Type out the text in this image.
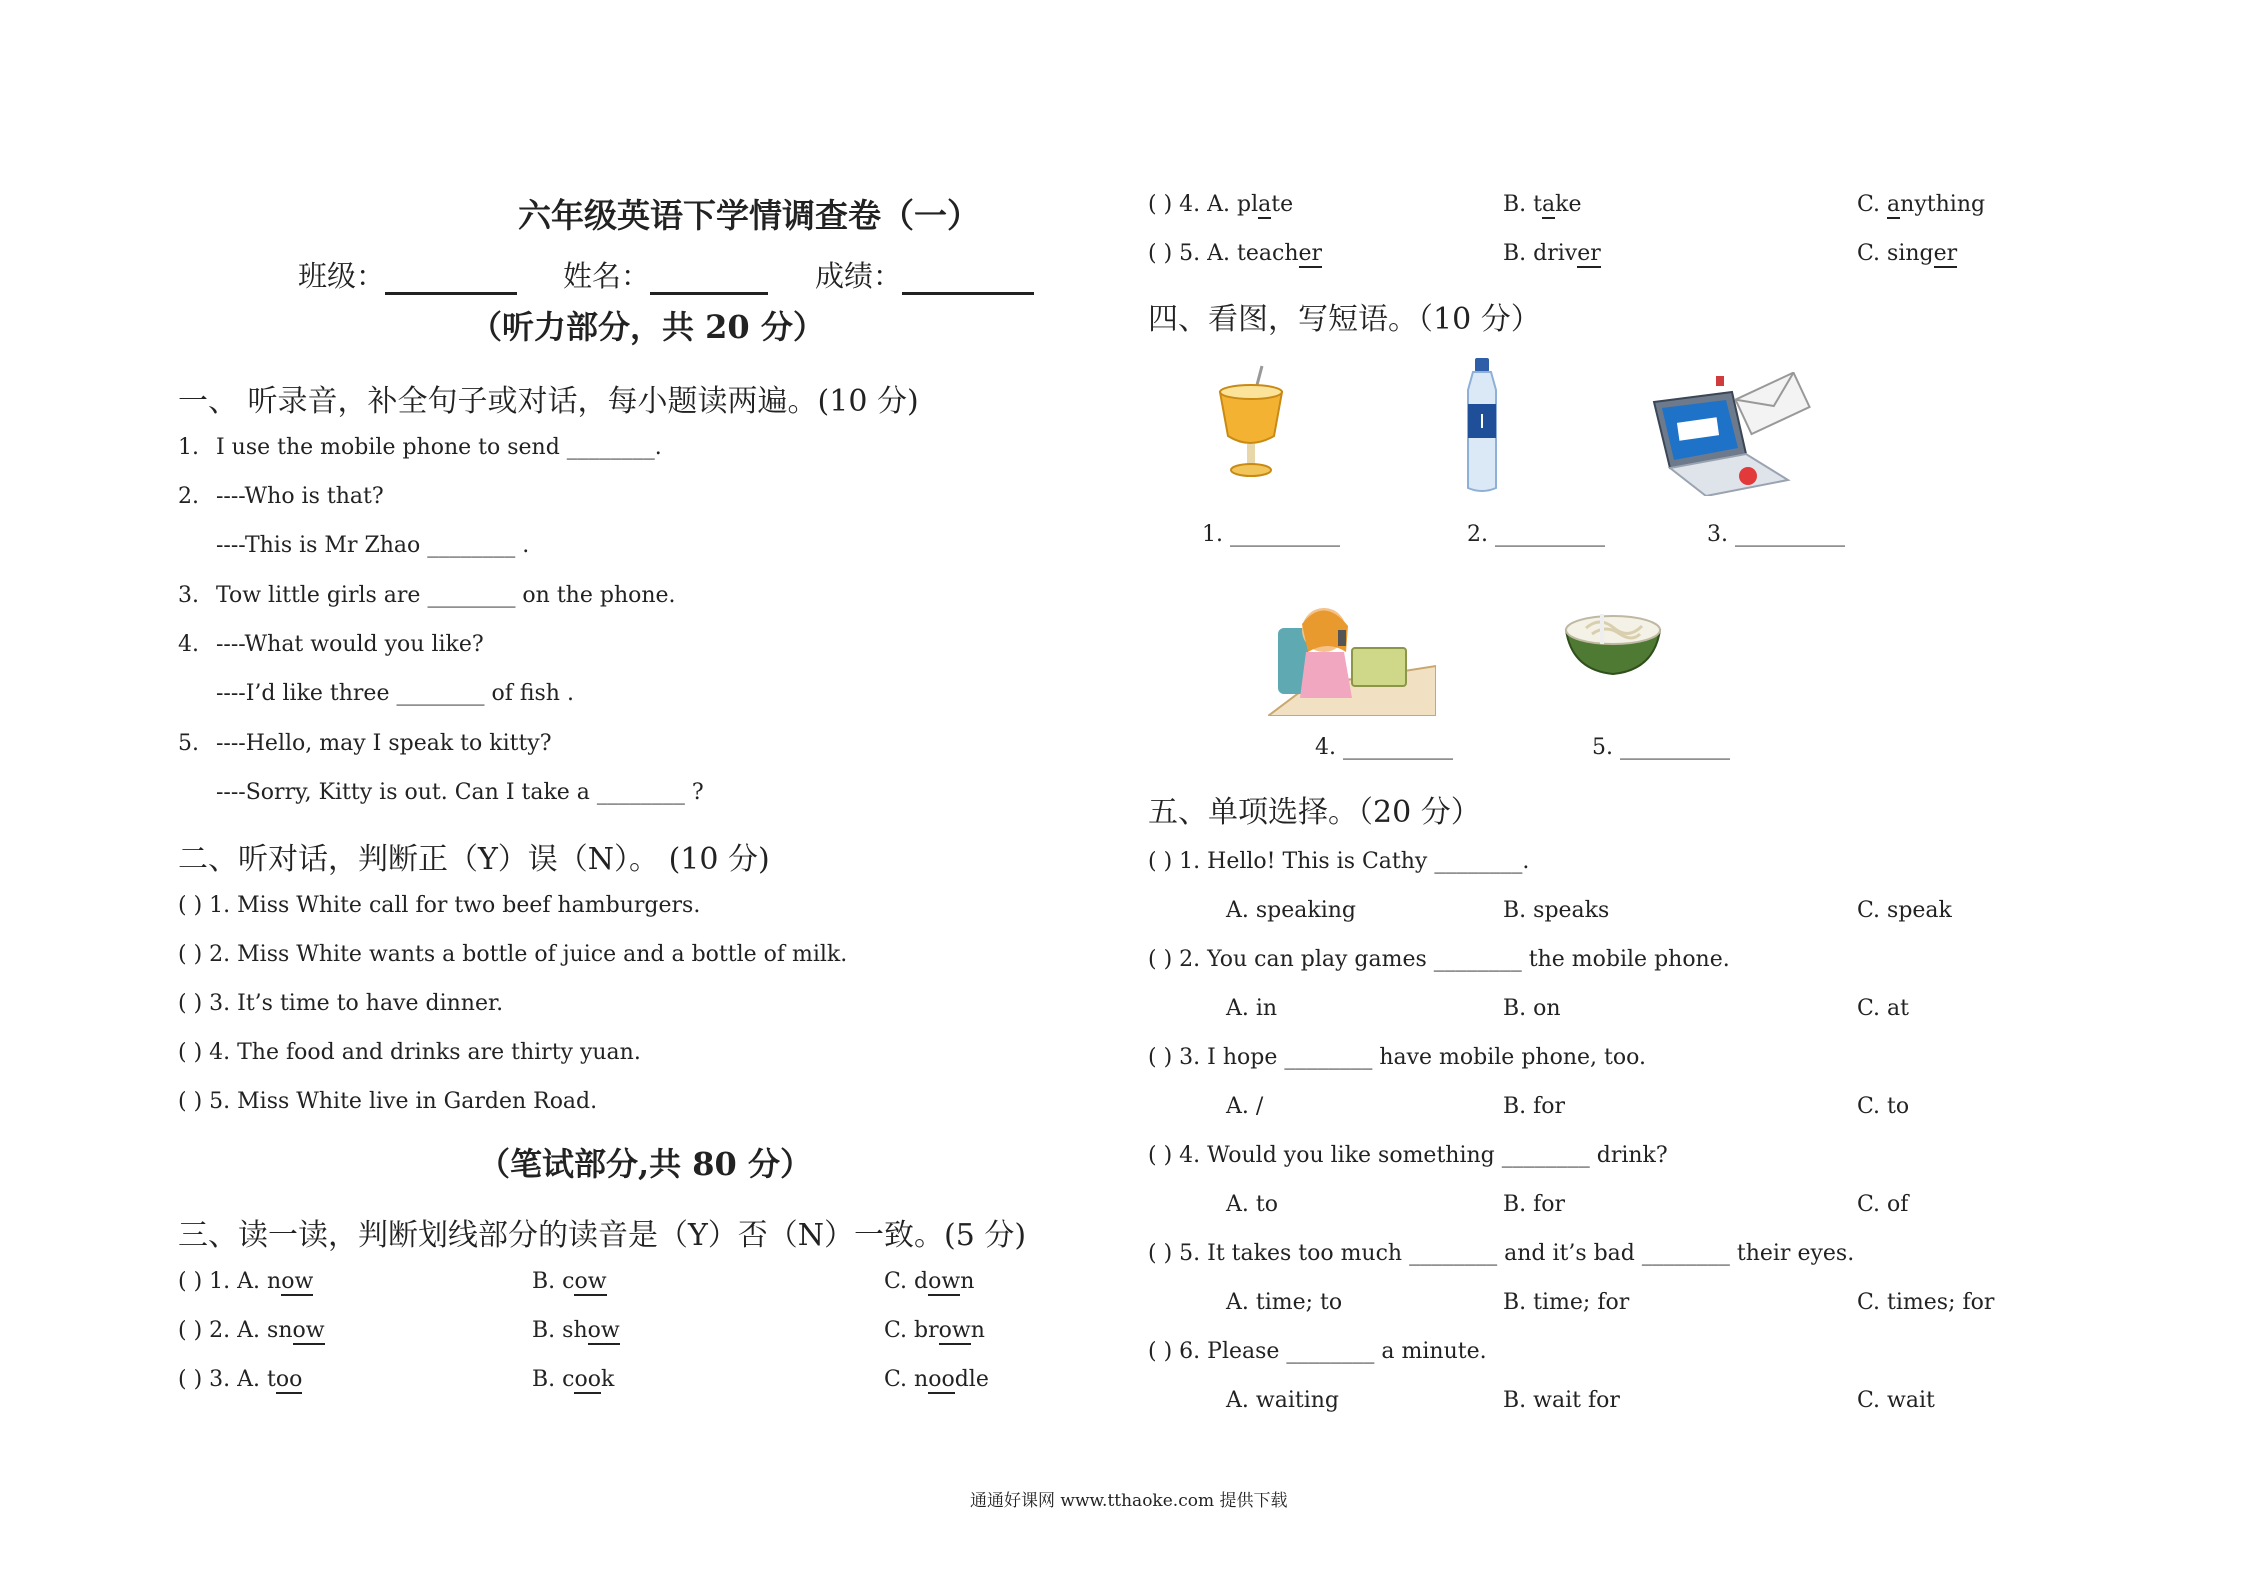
六年级英语下学情调查卷（一）
班级：	姓名：	成绩：
（听力部分，共 20 分）
一、 听录音，补全句子或对话，每小题读两遍。(10 分)
1. I use the mobile phone to send ________.
2. ----Who is that?
----This is Mr Zhao ________ .
3. Tow little girls are ________ on the phone.
4. ----What would you like?
----I’d like three ________ of fish .
5. ----Hello, may I speak to kitty?
----Sorry, Kitty is out. Can I take a ________ ?
二、听对话，判断正（Y）误（N）。 (10 分)
( ) 1. Miss White call for two beef hamburgers.
( ) 2. Miss White wants a bottle of juice and a bottle of milk.
( ) 3. It’s time to have dinner.
( ) 4. The food and drinks are thirty yuan.
( ) 5. Miss White live in Garden Road.
（笔试部分,共 80 分）
三、读一读，判断划线部分的读音是（Y）否（N）一致。(5 分)
( ) 1. A. now	B. cow	C. down
( ) 2. A. snow	B. show	C. brown
( ) 3. A. too	B. cook	C. noodle
( ) 4. A. plate	B. take	C. anything
( ) 5. A. teacher	B. driver	C. singer
四、看图，写短语。（10 分）
1. __________	2. __________	3. __________
4. __________	5. __________
五、单项选择。（20 分）
( ) 1. Hello! This is Cathy ________.
A. speaking	B. speaks	C. speak
( ) 2. You can play games ________ the mobile phone.
A. in	B. on	C. at
( ) 3. I hope ________ have mobile phone, too.
A. /	B. for	C. to
( ) 4. Would you like something ________ drink?
A. to	B. for	C. of
( ) 5. It takes too much ________ and it’s bad ________ their eyes.
A. time; to	B. time; for	C. times; for
( ) 6. Please ________ a minute.
A. waiting	B. wait for	C. wait
通通好课网 www.tthaoke.com 提供下载
